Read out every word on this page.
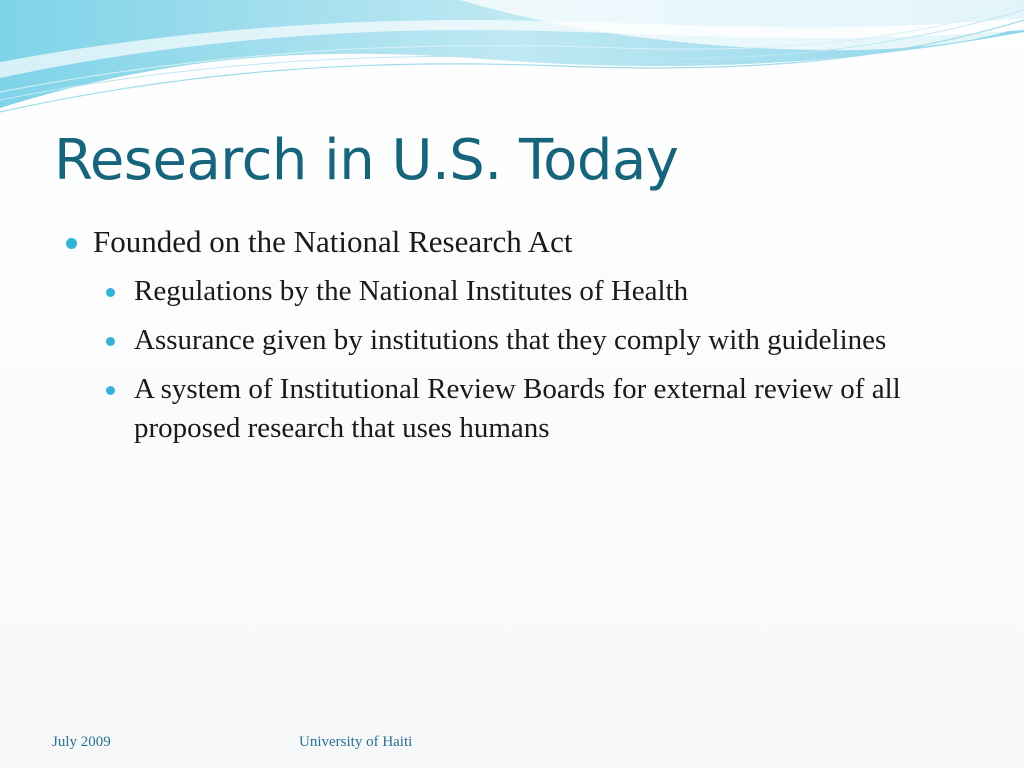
Research in U.S. Today
Founded on the National Research Act
Regulations by the National Institutes of Health
Assurance given by institutions that they comply with guidelines
A system of Institutional Review Boards for external review of all proposed research that uses humans
July 2009	University of Haiti
